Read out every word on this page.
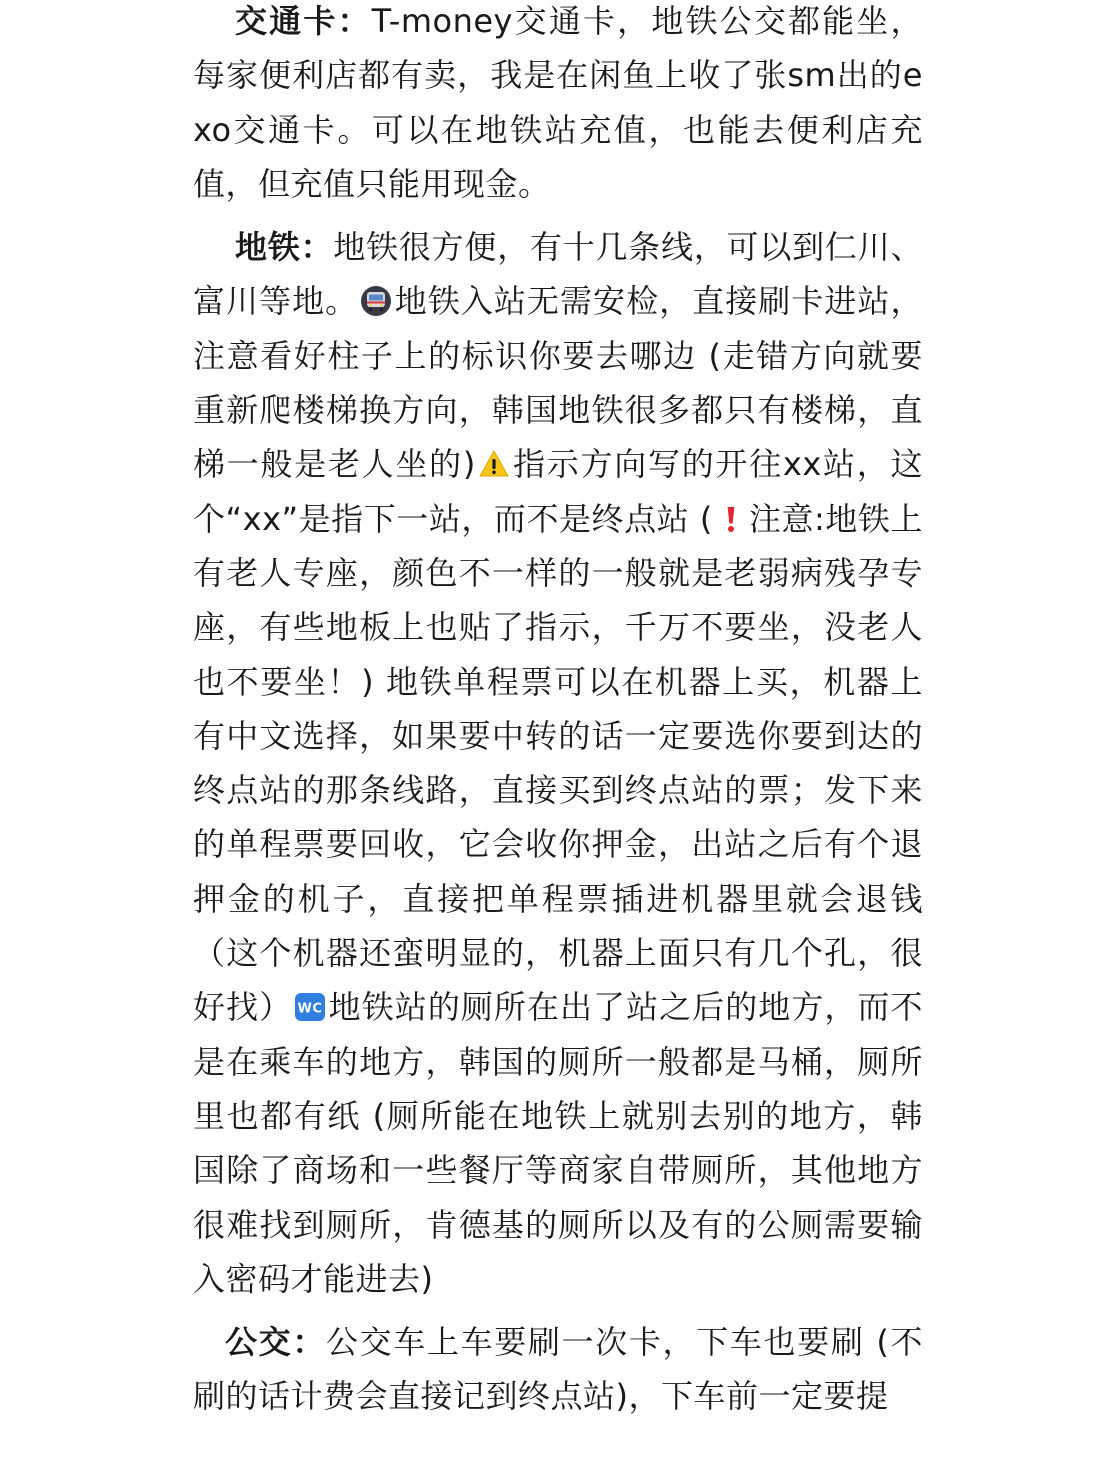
交通卡：T-money交通卡，地铁公交都能坐，每家便利店都有卖，我是在闲鱼上收了张sm出的exo交通卡。可以在地铁站充值，也能去便利店充值，但充值只能用现金。

地铁：地铁很方便，有十几条线，可以到仁川、富川等地。 地铁入站无需安检，直接刷卡进站，注意看好柱子上的标识你要去哪边 (走错方向就要重新爬楼梯换方向，韩国地铁很多都只有楼梯，直梯一般是老人坐的) 指示方向写的开往xx站，这个“xx”是指下一站，而不是终点站 ( 注意:地铁上有老人专座，颜色不一样的一般就是老弱病残孕专座，有些地板上也贴了指示，千万不要坐，没老人也不要坐！) 地铁单程票可以在机器上买，机器上有中文选择，如果要中转的话一定要选你要到达的终点站的那条线路，直接买到终点站的票；发下来的单程票要回收，它会收你押金，出站之后有个退押金的机子，直接把单程票插进机器里就会退钱（这个机器还蛮明显的，机器上面只有几个孔，很好找） WC 地铁站的厕所在出了站之后的地方，而不是在乘车的地方，韩国的厕所一般都是马桶，厕所里也都有纸 (厕所能在地铁上就别去别的地方，韩国除了商场和一些餐厅等商家自带厕所，其他地方很难找到厕所，肯德基的厕所以及有的公厕需要输入密码才能进去)

公交：公交车上车要刷一次卡，下车也要刷 (不刷的话计费会直接记到终点站)，下车前一定要提
